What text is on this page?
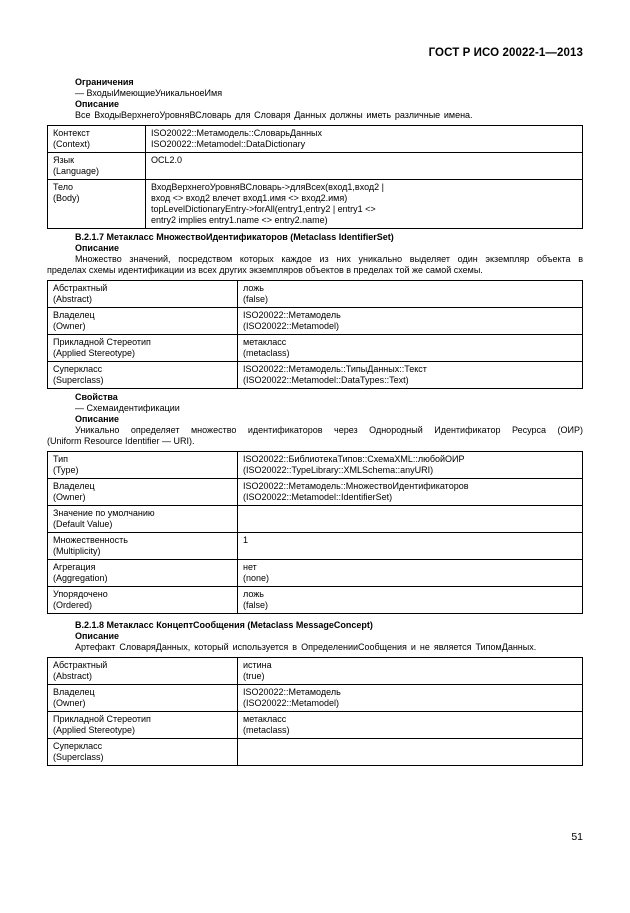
ГОСТ Р ИСО 20022-1—2013
Ограничения
— ВходыИмеющиеУникальноеИмя
Описание
Все ВходыВерхнегоУровняВСловарь для Словаря Данных должны иметь различные имена.
Контекст
(Context)	ISO20022::Метамодель::СловарьДанных
ISO20022::Metamodel::DataDictionary

Язык
(Language)	OCL2.0

Тело
(Body)	ВходВерхнегоУровняВСловарь->дляВсех(вход1,вход2 |
вход <> вход2 влечет вход1.имя <> вход2.имя)
topLevelDictionaryEntry->forAll(entry1,entry2 | entry1 <>
entry2 implies entry1.name <> entry2.name)
В.2.1.7 Метакласс МножествоИдентификаторов (Metaclass IdentifierSet)
Описание
Множество значений, посредством которых каждое из них уникально выделяет один экземпляр объекта в
пределах схемы идентификации из всех других экземпляров объектов в пределах той же самой схемы.
Абстрактный
(Abstract)	ложь
(false)

Владелец
(Owner)	ISO20022::Метамодель
(ISO20022::Metamodel)

Прикладной Стереотип
(Applied Stereotype)	метакласс
(metaclass)

Суперкласс
(Superclass)	ISO20022::Метамодель::ТипыДанных::Текст
(ISO20022::Metamodel::DataTypes::Text)
Свойства
— Схемаидентификации
Описание
Уникально определяет множество идентификаторов через Однородный Идентификатор Ресурса (ОИР)
(Uniform Resource Identifier — URI).
Тип
(Type)	ISO20022::БиблиотекаТипов::СхемаXML::любойОИР
(ISO20022::TypeLibrary::XMLSchema::anyURI)

Владелец
(Owner)	ISO20022::Метамодель::МножествоИдентификаторов
(ISO20022::Metamodel::IdentifierSet)

Значение по умолчанию
(Default Value)	

Множественность
(Multiplicity)	1

Агрегация
(Aggregation)	нет
(none)

Упорядочено
(Ordered)	ложь
(false)
В.2.1.8 Метакласс КонцептСообщения (Metaclass MessageConcept)
Описание
Артефакт СловаряДанных, который используется в ОпределенииСообщения и не является ТипомДанных.
Абстрактный
(Abstract)	истина
(true)

Владелец
(Owner)	ISO20022::Метамодель
(ISO20022::Metamodel)

Прикладной Стереотип
(Applied Stereotype)	метакласс
(metaclass)

Суперкласс
(Superclass)	

51
